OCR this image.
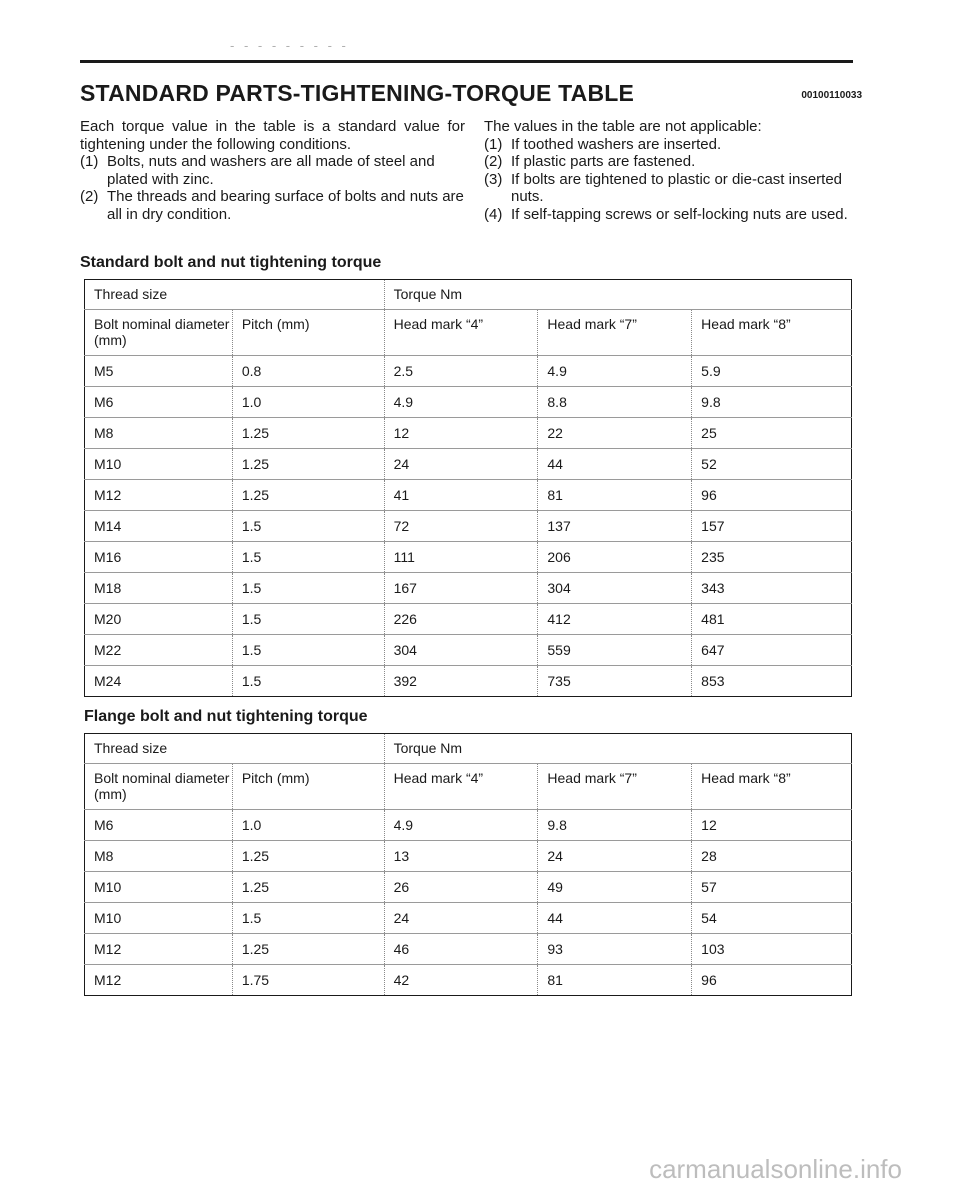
- - - - - - - - -
STANDARD PARTS-TIGHTENING-TORQUE TABLE	00100110033

Each torque value in the table is a standard value for tightening under the following conditions.

(1) Bolts, nuts and washers are all made of steel and plated with zinc.
(2) The threads and bearing surface of bolts and nuts are all in dry condition.

The values in the table are not applicable:

(1) If toothed washers are inserted.
(2) If plastic parts are fastened.
(3) If bolts are tightened to plastic or die-cast inserted nuts.
(4) If self-tapping screws or self-locking nuts are used.
Standard bolt and nut tightening torque
Thread size		Torque Nm		
Bolt nominal diameter (mm)	Pitch (mm)	Head mark “4”	Head mark “7”	Head mark “8”
M5	0.8	2.5	4.9	5.9
M6	1.0	4.9	8.8	9.8
M8	1.25	12	22	25
M10	1.25	24	44	52
M12	1.25	41	81	96
M14	1.5	72	137	157
M16	1.5	111	206	235
M18	1.5	167	304	343
M20	1.5	226	412	481
M22	1.5	304	559	647
M24	1.5	392	735	853
Flange bolt and nut tightening torque
Thread size		Torque Nm		
Bolt nominal diameter (mm)	Pitch (mm)	Head mark “4”	Head mark “7”	Head mark “8”
M6	1.0	4.9	9.8	12
M8	1.25	13	24	28
M10	1.25	26	49	57
M10	1.5	24	44	54
M12	1.25	46	93	103
M12	1.75	42	81	96
carmanualsonline.info
